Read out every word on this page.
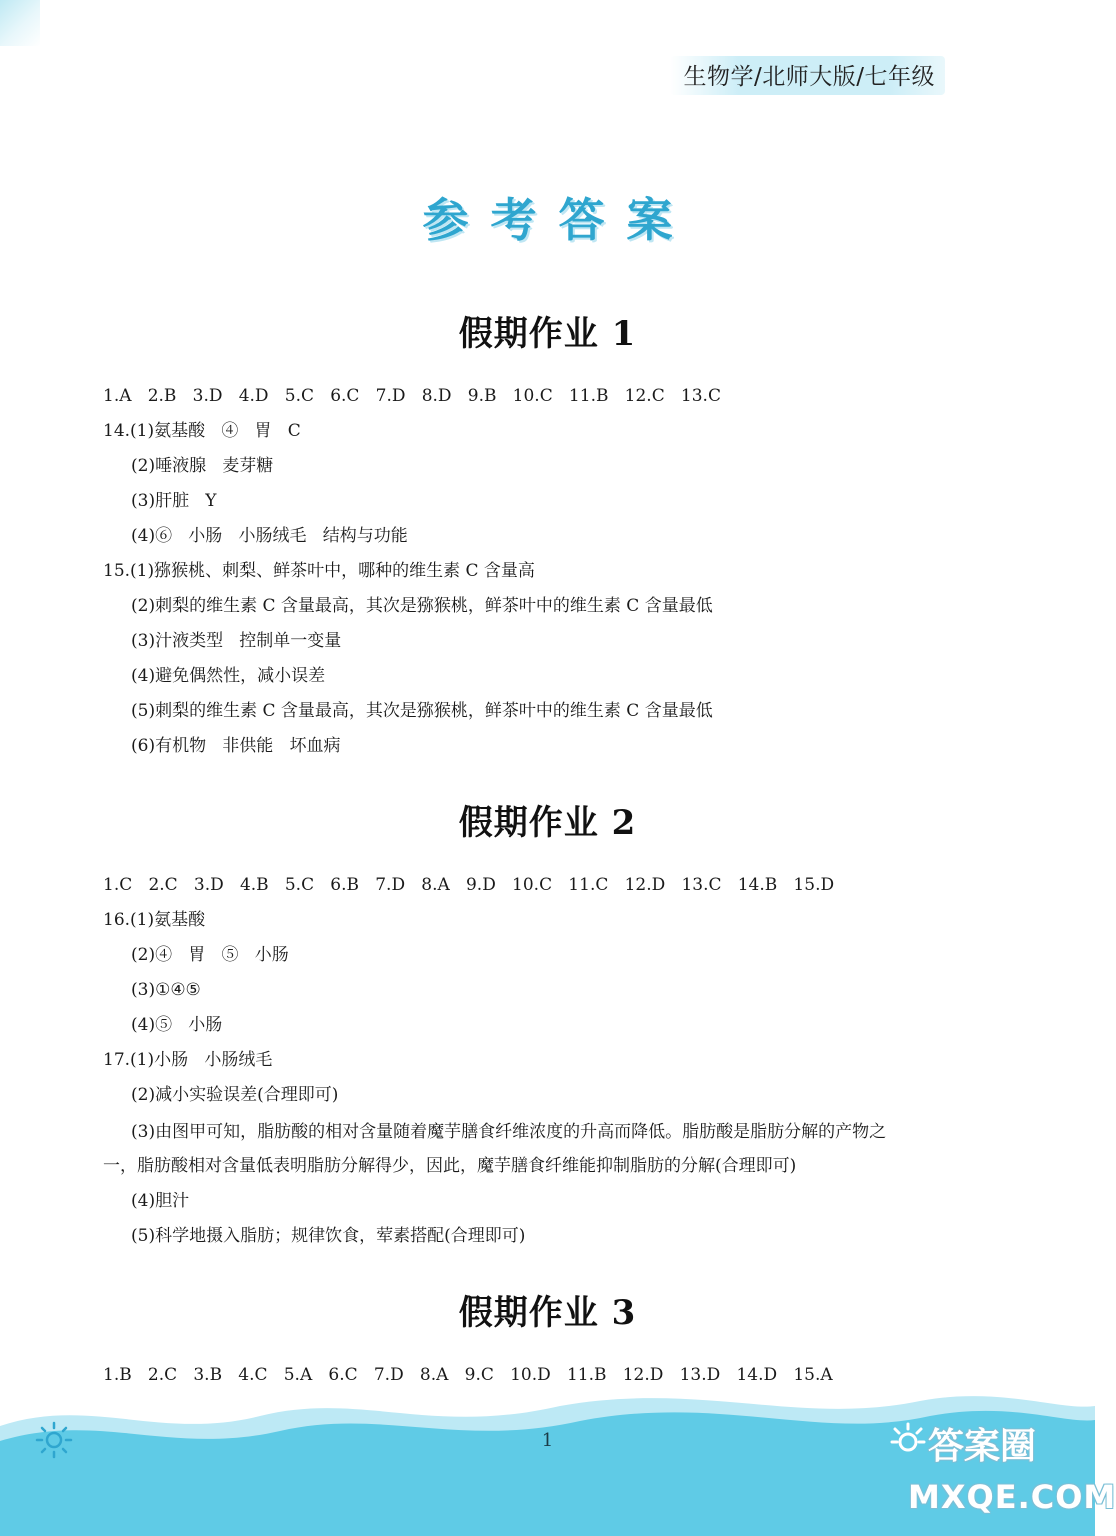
生物学/北师大版/七年级
参考答案
假期作业 1
1.A   2.B   3.D   4.D   5.C   6.C   7.D   8.D   9.B   10.C   11.B   12.C   13.C
14.(1)氨基酸   ④   胃   C
(2)唾液腺   麦芽糖
(3)肝脏   Y
(4)⑥   小肠   小肠绒毛   结构与功能
15.(1)猕猴桃、刺梨、鲜茶叶中，哪种的维生素 C 含量高
(2)刺梨的维生素 C 含量最高，其次是猕猴桃，鲜茶叶中的维生素 C 含量最低
(3)汁液类型   控制单一变量
(4)避免偶然性，减小误差
(5)刺梨的维生素 C 含量最高，其次是猕猴桃，鲜茶叶中的维生素 C 含量最低
(6)有机物   非供能   坏血病
假期作业 2
1.C   2.C   3.D   4.B   5.C   6.B   7.D   8.A   9.D   10.C   11.C   12.D   13.C   14.B   15.D
16.(1)氨基酸
(2)④   胃   ⑤   小肠
(3)①④⑤
(4)⑤   小肠
17.(1)小肠   小肠绒毛
(2)减小实验误差(合理即可)
(3)由图甲可知，脂肪酸的相对含量随着魔芋膳食纤维浓度的升高而降低。脂肪酸是脂肪分解的产物之
一，脂肪酸相对含量低表明脂肪分解得少，因此，魔芋膳食纤维能抑制脂肪的分解(合理即可)
(4)胆汁
(5)科学地摄入脂肪；规律饮食，荤素搭配(合理即可)
假期作业 3
1.B   2.C   3.B   4.C   5.A   6.C   7.D   8.A   9.C   10.D   11.B   12.D   13.D   14.D   15.A
1	答案圈
MXQE.COM
